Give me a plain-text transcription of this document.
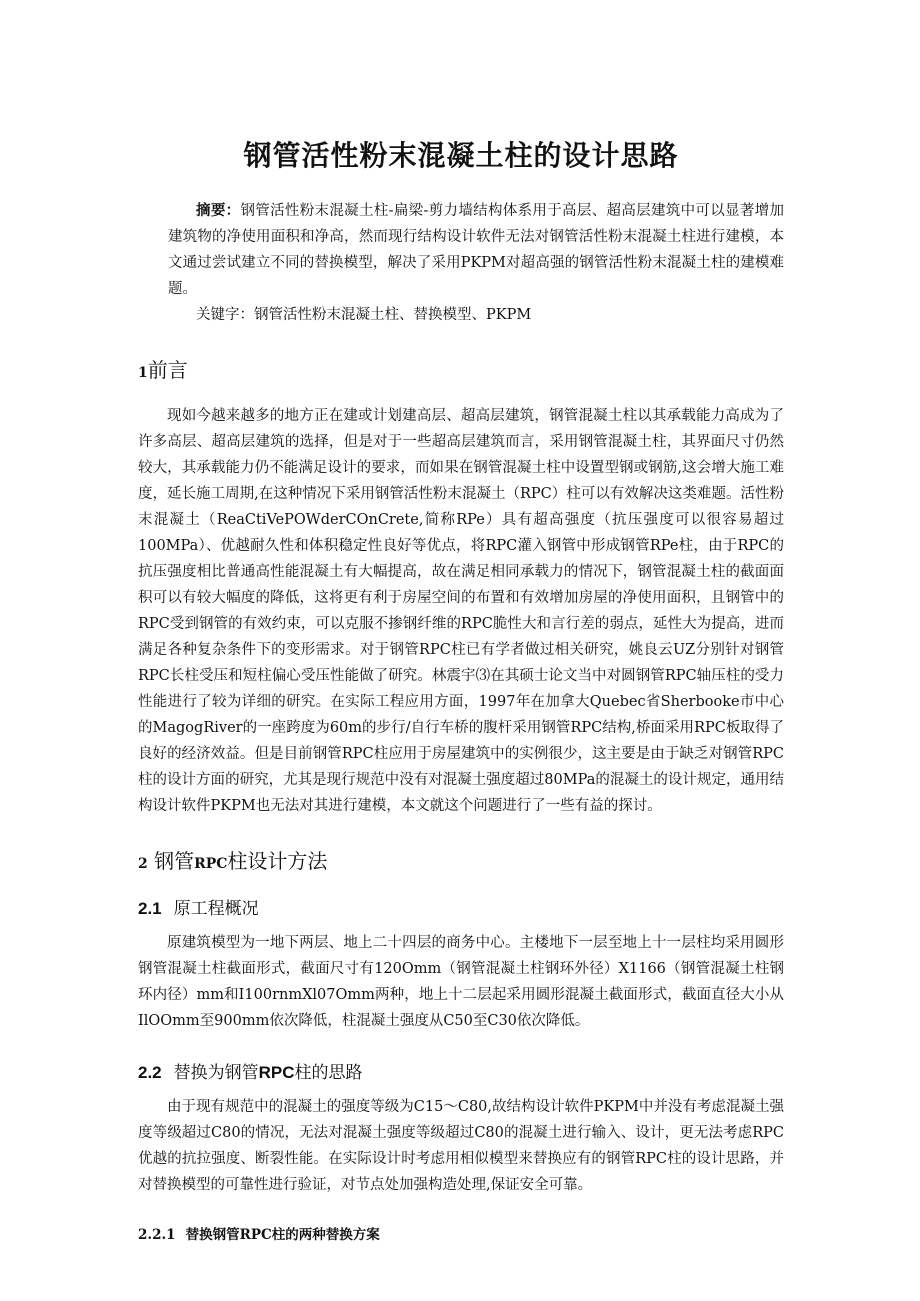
钢管活性粉末混凝土柱的设计思路

摘要：钢管活性粉末混凝土柱-扁梁-剪力墙结构体系用于高层、超高层建筑中可以显著增加建筑物的净使用面积和净高，然而现行结构设计软件无法对钢管活性粉末混凝土柱进行建模，本文通过尝试建立不同的替换模型，解决了采用PKPM对超高强的钢管活性粉末混凝土柱的建模难题。

关键字：钢管活性粉末混凝土柱、替换模型、PKPM
1前言

现如今越来越多的地方正在建或计划建高层、超高层建筑，钢管混凝土柱以其承载能力高成为了许多高层、超高层建筑的选择，但是对于一些超高层建筑而言，采用钢管混凝土柱，其界面尺寸仍然较大，其承载能力仍不能满足设计的要求，而如果在钢管混凝土柱中设置型钢或钢筋,这会增大施工难度，延长施工周期,在这种情况下采用钢管活性粉末混凝土（RPC）柱可以有效解决这类难题。活性粉末混凝土（ReaCtiVePOWderCOnCrete,简称RPe）具有超高强度（抗压强度可以很容易超过100MPa）、优越耐久性和体积稳定性良好等优点，将RPC灌入钢管中形成钢管RPe柱，由于RPC的抗压强度相比普通高性能混凝土有大幅提高，故在满足相同承载力的情况下，钢管混凝土柱的截面面积可以有较大幅度的降低，这将更有利于房屋空间的布置和有效增加房屋的净使用面积，且钢管中的RPC受到钢管的有效约束，可以克服不掺钢纤维的RPC脆性大和言行差的弱点，延性大为提高，进而满足各种复杂条件下的变形需求。对于钢管RPC柱已有学者做过相关研究，姚良云UZ分别针对钢管RPC长柱受压和短柱偏心受压性能做了研究。林震宇⑶在其硕士论文当中对圆钢管RPC轴压柱的受力性能进行了较为详细的研究。在实际工程应用方面，1997年在加拿大Quebec省Sherbooke市中心的MagogRiver的一座跨度为60m的步行/自行车桥的腹杆采用钢管RPC结构,桥面采用RPC板取得了良好的经济效益。但是目前钢管RPC柱应用于房屋建筑中的实例很少，这主要是由于缺乏对钢管RPC柱的设计方面的研究，尤其是现行规范中没有对混凝土强度超过80MPa的混凝土的设计规定，通用结构设计软件PKPM也无法对其进行建模，本文就这个问题进行了一些有益的探讨。

2 钢管RPC柱设计方法
2.1 原工程概况

原建筑模型为一地下两层、地上二十四层的商务中心。主楼地下一层至地上十一层柱均采用圆形钢管混凝土柱截面形式，截面尺寸有120Omm（钢管混凝土柱钢环外径）X1166（钢管混凝土柱钢环内径）mm和I100rnmXl07Omm两种，地上十二层起采用圆形混凝土截面形式，截面直径大小从IlOOmm至900mm依次降低，柱混凝土强度从C50至C30依次降低。

2.2 替换为钢管RPC柱的思路

由于现有规范中的混凝土的强度等级为C15～C80,故结构设计软件PKPM中并没有考虑混凝土强度等级超过C80的情况，无法对混凝土强度等级超过C80的混凝土进行输入、设计，更无法考虑RPC优越的抗拉强度、断裂性能。在实际设计时考虑用相似模型来替换应有的钢管RPC柱的设计思路，并对替换模型的可靠性进行验证，对节点处加强构造处理,保证安全可靠。

2.2.1 替换钢管RPC柱的两种替换方案
